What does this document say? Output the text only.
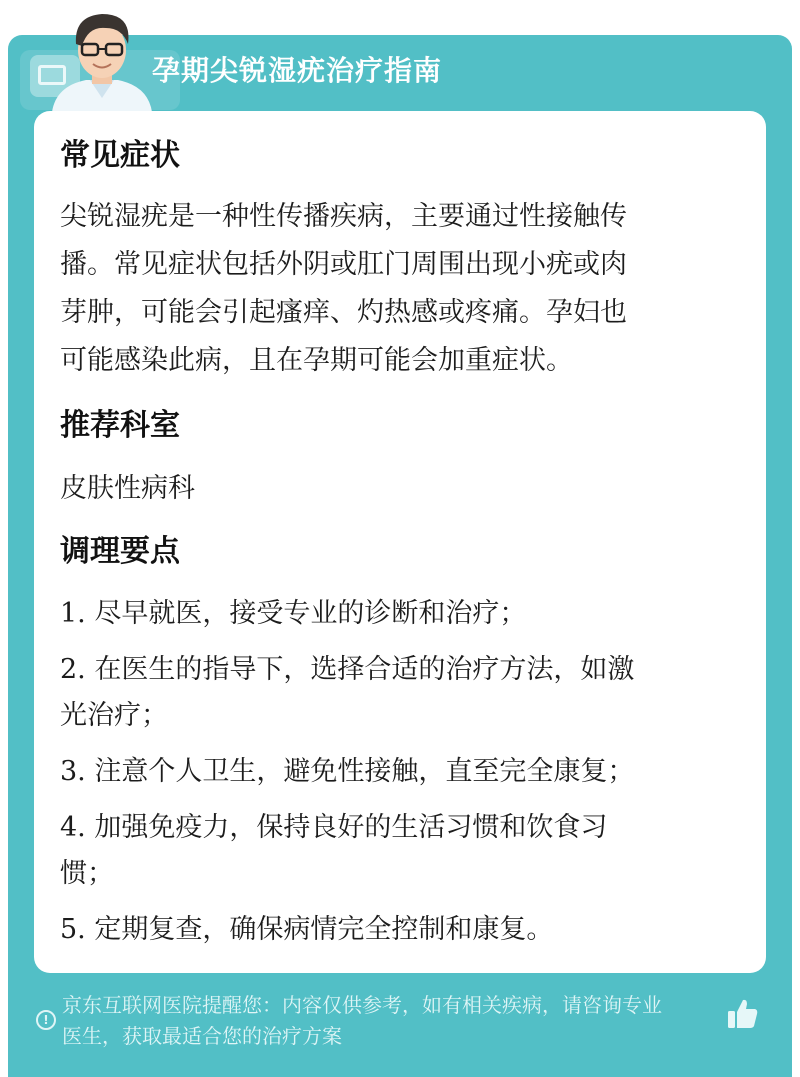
孕期尖锐湿疣治疗指南
常见症状

尖锐湿疣是一种性传播疾病，主要通过性接触传

播。常见症状包括外阴或肛门周围出现小疣或肉

芽肿，可能会引起瘙痒、灼热感或疼痛。孕妇也

可能感染此病，且在孕期可能会加重症状。

推荐科室

皮肤性病科

调理要点
1. 尽早就医，接受专业的诊断和治疗；
2. 在医生的指导下，选择合适的治疗方法，如激
光治疗；
3. 注意个人卫生，避免性接触，直至完全康复；
4. 加强免疫力，保持良好的生活习惯和饮食习
惯；
5. 定期复查，确保病情完全控制和康复。
!
京东互联网医院提醒您：内容仅供参考，如有相关疾病，请咨询专业
医生，获取最适合您的治疗方案
